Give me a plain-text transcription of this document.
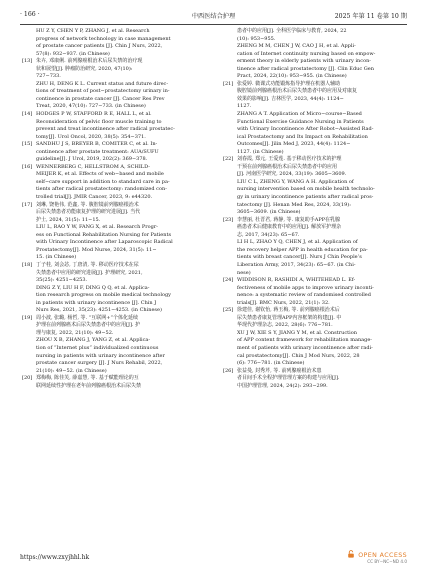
· 166 ·	中西医结合护理	2025 年第 11 卷第 10 期

HU Z Y, CHEN Y P, ZHANG J, et al. Research

progress of network technology in case management

of prostate cancer patients [J]. Chin J Nurs, 2022,

57(8): 932−937. (in Chinese)

[13] 朱卉, 邓康俐. 前列腺癌根治术后尿失禁的治疗现

状和展望[J]. 肿瘤防治研究, 2020, 47(10):

727−733.

ZHU H, DENG K L. Current status and future direc-

tions of treatment of post−prostatectomy urinary in-

continence in prostate cancer [J]. Cancer Res Prev

Treat, 2020, 47(10): 727−733. (in Chinese)

[14] HODGES P W, STAFFORD R E, HALL L, et al.

Reconsideration of pelvic floor muscle training to

prevent and treat incontinence after radical prostatec-

tomy[J]. Urol Oncol, 2020, 38(5): 354−371.

[15] SANDHU J S, BREYER B, COMITER C, et al. In-

continence after prostate treatment: AUA/SUFU

guideline[J]. J Urol, 2019, 202(2): 369−378.

[16] WENNERBERG C, HELLSTROM A, SCHILD-

MEIJER K, et al. Effects of web−based and mobile

self−care support in addition to standard care in pa-

tients after radical prostatectomy: randomized con-

trolled trial[J]. JMIR Cancer, 2023, 9: e44320.

[17] 刘琳, 饶艳伟, 范鑫, 等. 腹腔镜前列腺癌根治术

后尿失禁患者功能康复护理的研究进展[J]. 当代

护士, 2024, 31(5): 11−15.

LIU L, RAO Y W, FANG X, et al. Research Progr-

ess on Functional Rehabilitation Nursing for Patients

with Urinary Incontinence after Laparoscopic Radical

Prostatectomy[J]. Mod Nurse, 2024, 31(5): 11−

15. (in Chinese)

[18] 丁子桂, 刘会苾, 丁唐清, 等. 移动医疗技术在尿

失禁患者中应用的研究进展[J]. 护理研究, 2021,

35(25): 4251−4253.

DING Z Y, LIU H F, DING Q Q, et al. Applica-

tion research progress on mobile medical technology

in patients with urinary incontinence [J]. Chin J

Nurs Res, 2021, 35(23): 4251−4253. (in Chinese)

[19] 周小波, 张璐, 杨哲, 等. “互联网+”个体化延续

护理在前列腺癌术后尿失禁患者中的应用[J]. 护

理与康复, 2022, 21(10): 49−52.

ZHOU X B, ZHANG J, YANG Z, et al. Applica-

tion of “Internet plus” individualized continuous

nursing in patients with urinary incontinence after

prostate cancer surgery [J]. J Nurs Rehabil, 2022,

21(10): 49−52. (in Chinese)

[20] 郑梅梅, 陈佳芙, 薛嘉慧, 等. 基于赋能理论的互

联网延续性护理在老年前列腺癌根治术后尿失禁

患者中的应用[J]. 全科医学临床与教育, 2024, 22

(10): 953−955.

ZHENG M M, CHEN J W, CAO J H, et al. Appli-

cation of Internet continuity nursing based on empow-

erment theory in elderly patients with urinary incon-

tinence after radical prostatectomy [J]. Clin Educ Gen

Pract, 2024, 22(10): 953−955. (in Chinese)

[21] 张爱婷. 微课式功能锻炼指导护理在机器人辅助

腹腔镜前列腺癌根治术后尿失禁患者中的应用及对康复

效果的影响[J]. 吉林医学, 2023, 44(4): 1124−

1127.

ZHANG A T. Application of Micro−course−Based

Functional Exercise Guidance Nursing in Patients

with Urinary Incontinence After Robot−Assisted Rad-

ical Prostatectomy and Its Impact on Rehabilitation

Outcomes[J]. Jilin Med J, 2023, 44(4): 1124−

1127. (in Chinese)

[22] 刘春霞, 郑元, 王爱莲. 基于移动医疗技术的护理

干预在前列腺癌根治术后尿失禁患者中的应用

[J]. 河南医学研究, 2024, 33(19): 3605−3609.

LIU C L, ZHENG Y, WANG A H. Application of

nursing intervention based on mobile health technolo-

gy in urinary incontinence patients after radical pros-

tatectomy [J]. Henan Med Res, 2024, 33(19):

3605−3609. (in Chinese)

[23] 李慧丽, 杜晋君, 蒋静, 等. 康复助手APP在乳腺

癌患者术后健康教育中的应用[J]. 解放军护理杂

志, 2017, 34(23): 65−67.

LI H L, ZHAO Y Q, CHEN J, et al. Application of

the recovery helper APP in health education for pa-

tients with breast cancer[J]. Nurs J Chin People’s

Liberation Army, 2017, 34(23): 65−67. (in Chi-

nese)

[24] WIDDISON R, RASHIDI A, WHITEHEAD L. Ef-

fectiveness of mobile apps to improve urinary inconti-

nence: a systematic review of randomised controlled

trials[J]. BMC Nurs, 2022, 21(1): 32.

[25] 徐建佳, 谢钦怡, 蒋玉梅, 等. 前列腺癌根治术后

尿失禁患者康复管理APP内容框架的构建[J]. 中

华现代护理杂志, 2022, 28(6): 776−781.

XU J W, XIE S Y, JIANG Y M, et al. Construction

of APP content framework for rehabilitation manage-

ment of patients with urinary incontinence after radi-

cal prostatectomy[J]. Chin J Mod Nurs, 2022, 28

(6): 776−781. (in Chinese)

[26] 张益曼, 封秀芹, 等. 前列腺癌根治术患

者目间手术全程护理管理方案的构建与应用[J].

中国护理管理, 2024, 24(2): 293−299.

https://www.zxyjhhl.hk	OPEN ACCESS
CC BY−NC−ND 4.0
